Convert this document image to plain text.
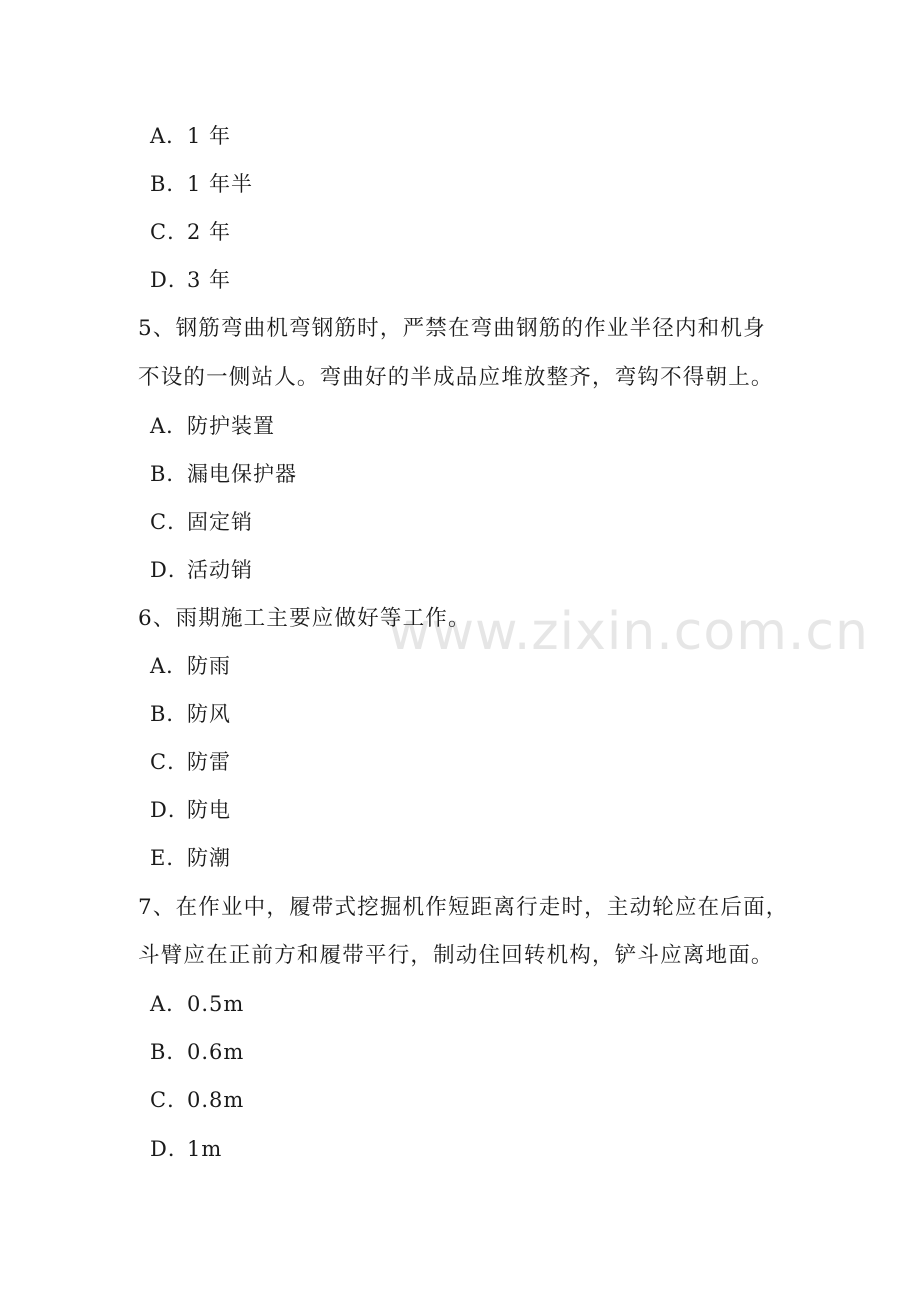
www.zixin.com.cn
A．1 年
B．1 年半
C．2 年
D．3 年
5、钢筋弯曲机弯钢筋时，严禁在弯曲钢筋的作业半径内和机身
不设的一侧站人。弯曲好的半成品应堆放整齐，弯钩不得朝上。
A．防护装置
B．漏电保护器
C．固定销
D．活动销
6、雨期施工主要应做好等工作。
A．防雨
B．防风
C．防雷
D．防电
E．防潮
7、在作业中，履带式挖掘机作短距离行走时，主动轮应在后面，
斗臂应在正前方和履带平行，制动住回转机构，铲斗应离地面。
A．0.5m
B．0.6m
C．0.8m
D．1m
